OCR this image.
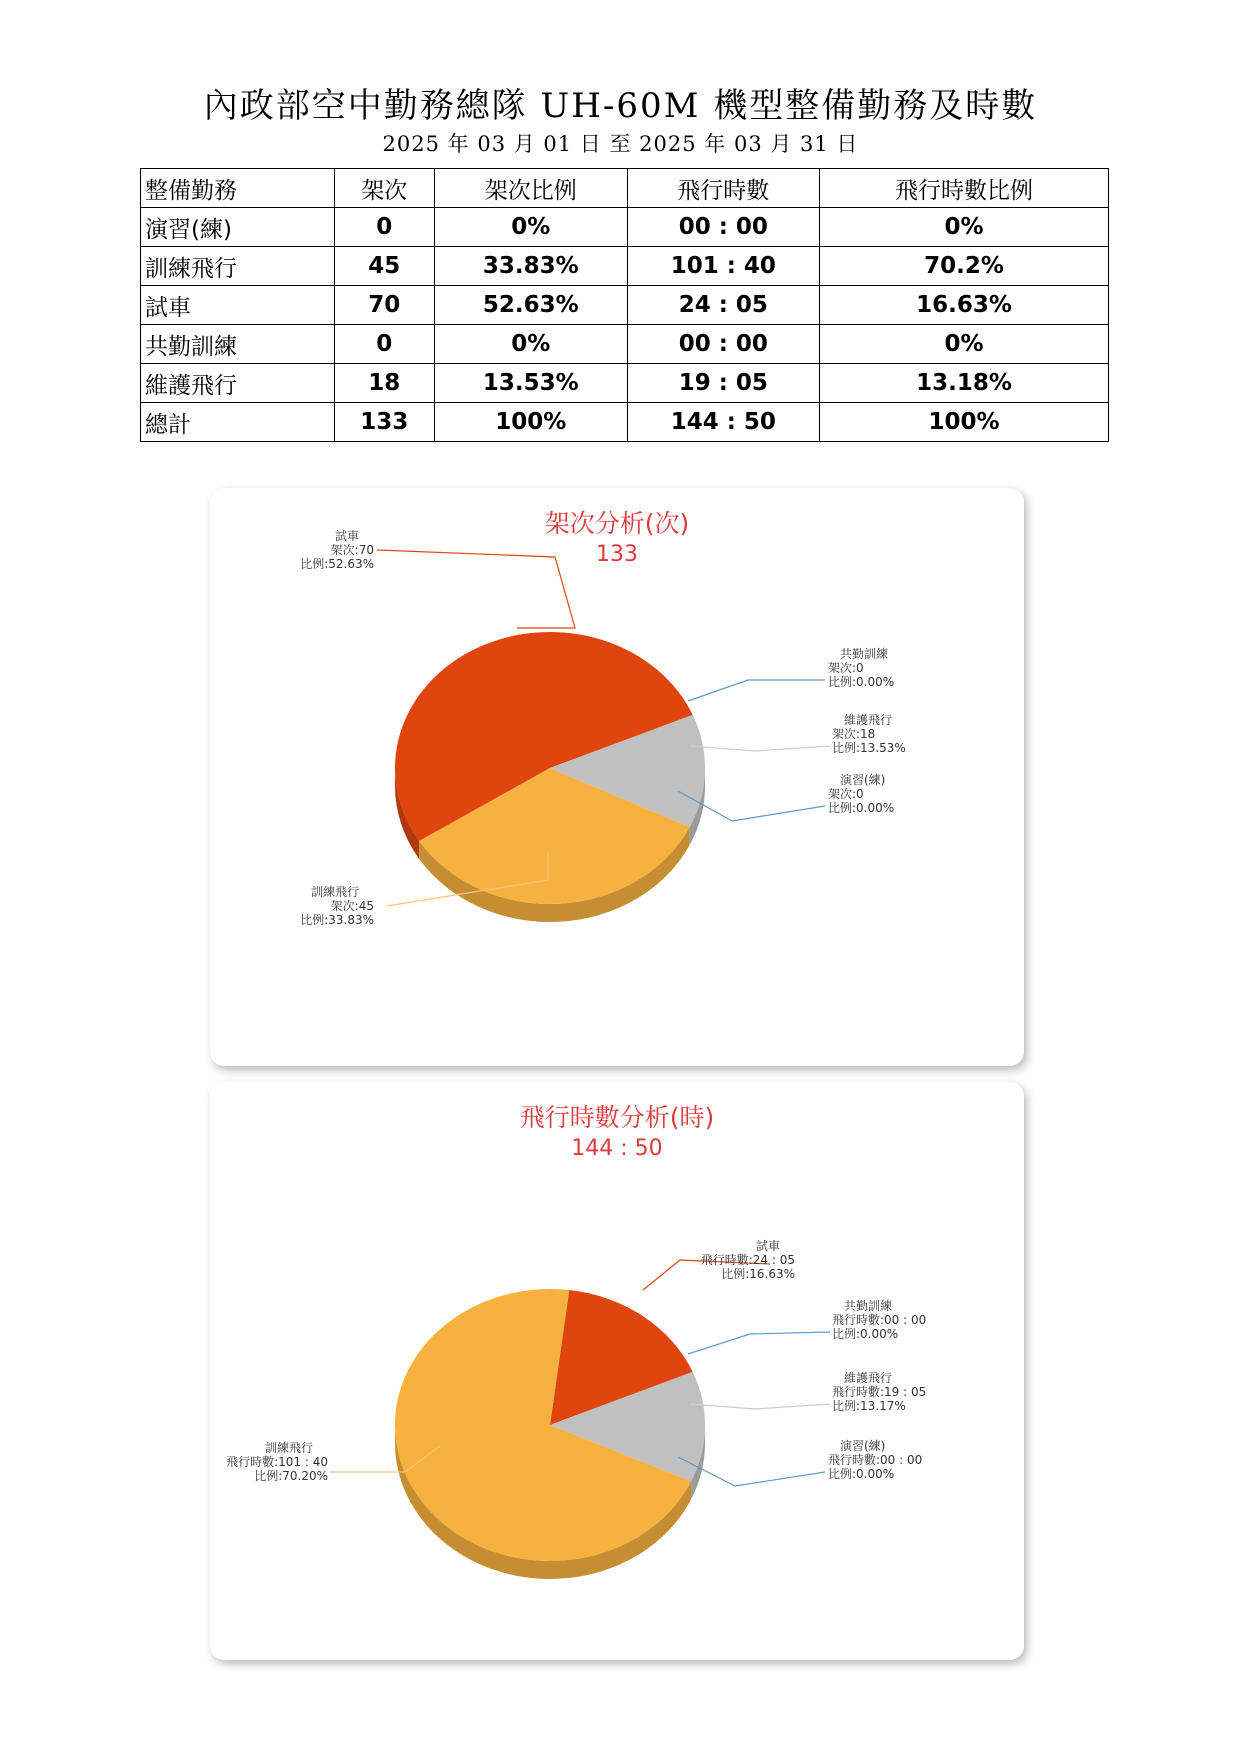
內政部空中勤務總隊 UH-60M 機型整備勤務及時數
2025 年 03 月 01 日 至 2025 年 03 月 31 日
整備勤務	架次	架次比例	飛行時數	飛行時數比例
演習(練)	0	0%	00 : 00	0%
訓練飛行	45	33.83%	101 : 40	70.2%
試車	70	52.63%	24 : 05	16.63%
共勤訓練	0	0%	00 : 00	0%
維護飛行	18	13.53%	19 : 05	13.18%
總計	133	100%	144 : 50	100%
架次分析(次)
133
試車
架次:70
比例:52.63%
訓練飛行
架次:45
比例:33.83%
演習(練)
架次:0
比例:0.00%
維護飛行
架次:18
比例:13.53%
共勤訓練
架次:0
比例:0.00%
飛行時數分析(時)
144 : 50
試車
飛行時數:24 : 05
比例:16.63%
訓練飛行
飛行時數:101 : 40
比例:70.20%
演習(練)
飛行時數:00 : 00
比例:0.00%
維護飛行
飛行時數:19 : 05
比例:13.17%
共勤訓練
飛行時數:00 : 00
比例:0.00%
